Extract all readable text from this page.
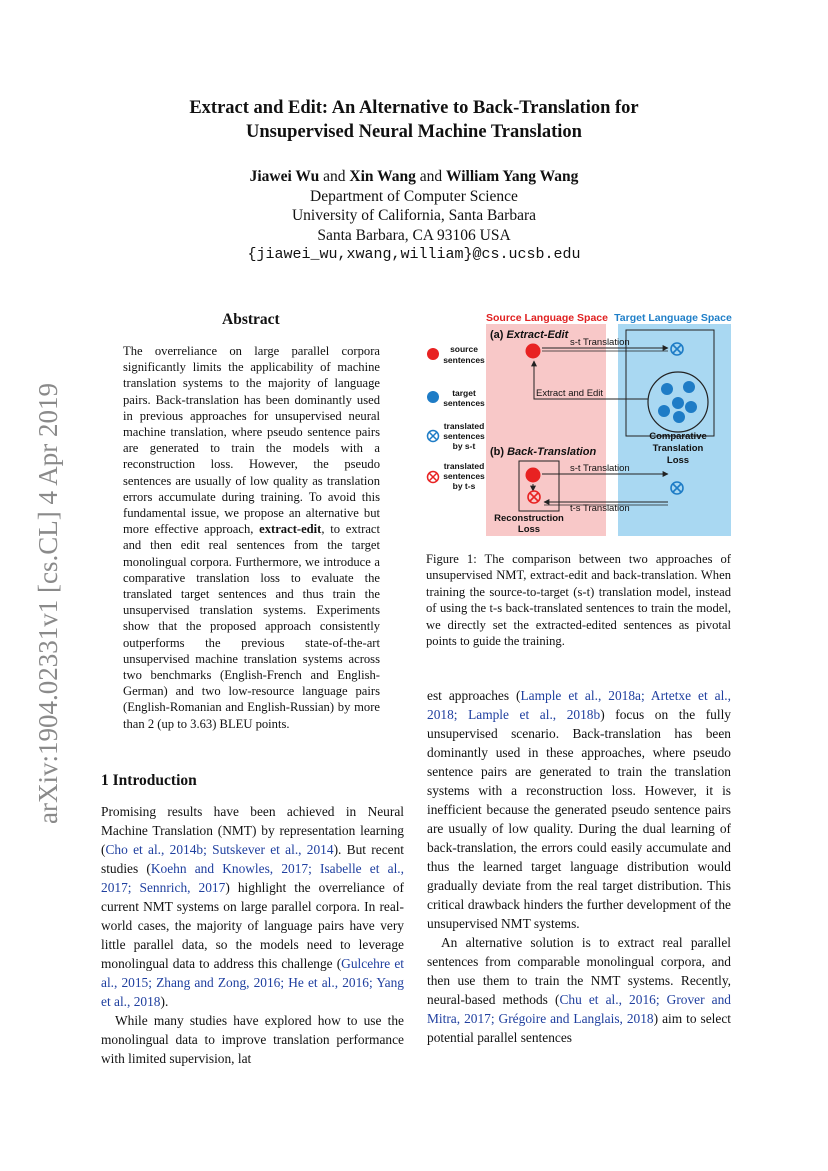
Extract and Edit: An Alternative to Back-Translation for
Unsupervised Neural Machine Translation
Jiawei Wu and Xin Wang and William Yang Wang
Department of Computer Science
University of California, Santa Barbara
Santa Barbara, CA 93106 USA
{jiawei_wu,xwang,william}@cs.ucsb.edu
arXiv:1904.02331v1 [cs.CL] 4 Apr 2019
Abstract
The overreliance on large parallel corpora significantly limits the applicability of machine translation systems to the majority of language pairs. Back-translation has been dominantly used in previous approaches for unsupervised neural machine translation, where pseudo sentence pairs are generated to train the models with a reconstruction loss. However, the pseudo sentences are usually of low quality as translation errors accumulate during training. To avoid this fundamental issue, we propose an alternative but more effective approach, extract-edit, to extract and then edit real sentences from the target monolingual corpora. Furthermore, we introduce a comparative translation loss to evaluate the translated target sentences and thus train the unsupervised translation systems. Experiments show that the proposed approach consistently outperforms the previous state-of-the-art unsupervised machine translation systems across two benchmarks (English-French and English-German) and two low-resource language pairs (English-Romanian and English-Russian) by more than 2 (up to 3.63) BLEU points.
1 Introduction

Promising results have been achieved in Neural Machine Translation (NMT) by representation learning (Cho et al., 2014b; Sutskever et al., 2014). But recent studies (Koehn and Knowles, 2017; Isabelle et al., 2017; Sennrich, 2017) highlight the overreliance of current NMT systems on large parallel corpora. In real-world cases, the majority of language pairs have very little parallel data, so the models need to leverage monolingual data to address this challenge (Gulcehre et al., 2015; Zhang and Zong, 2016; He et al., 2016; Yang et al., 2018).

While many studies have explored how to use the monolingual data to improve translation performance with limited supervision, lat

est approaches (Lample et al., 2018a; Artetxe et al., 2018; Lample et al., 2018b) focus on the fully unsupervised scenario. Back-translation has been dominantly used in these approaches, where pseudo sentence pairs are generated to train the translation systems with a reconstruction loss. However, it is inefficient because the generated pseudo sentence pairs are usually of low quality. During the dual learning of back-translation, the errors could easily accumulate and thus the learned target language distribution would gradually deviate from the real target distribution. This critical drawback hinders the further development of the unsupervised NMT systems.

An alternative solution is to extract real parallel sentences from comparable monolingual corpora, and then use them to train the NMT systems. Recently, neural-based methods (Chu et al., 2016; Grover and Mitra, 2017; Grégoire and Langlais, 2018) aim to select potential parallel sentences

Source Language Space Target Language Space
(a) Extract-Edit
s-t Translation
Extract and Edit
Comparative
Translation
Loss
(b) Back-Translation
s-t Translation
t-s Translation
Reconstruction
Loss
source
sentences
target
sentences
translated
sentences
by s-t
translated
sentences
by t-s
Figure 1: The comparison between two approaches of unsupervised NMT, extract-edit and back-translation. When training the source-to-target (s-t) translation model, instead of using the t-s back-translated sentences to train the model, we directly set the extracted-edited sentences as pivotal points to guide the training.
